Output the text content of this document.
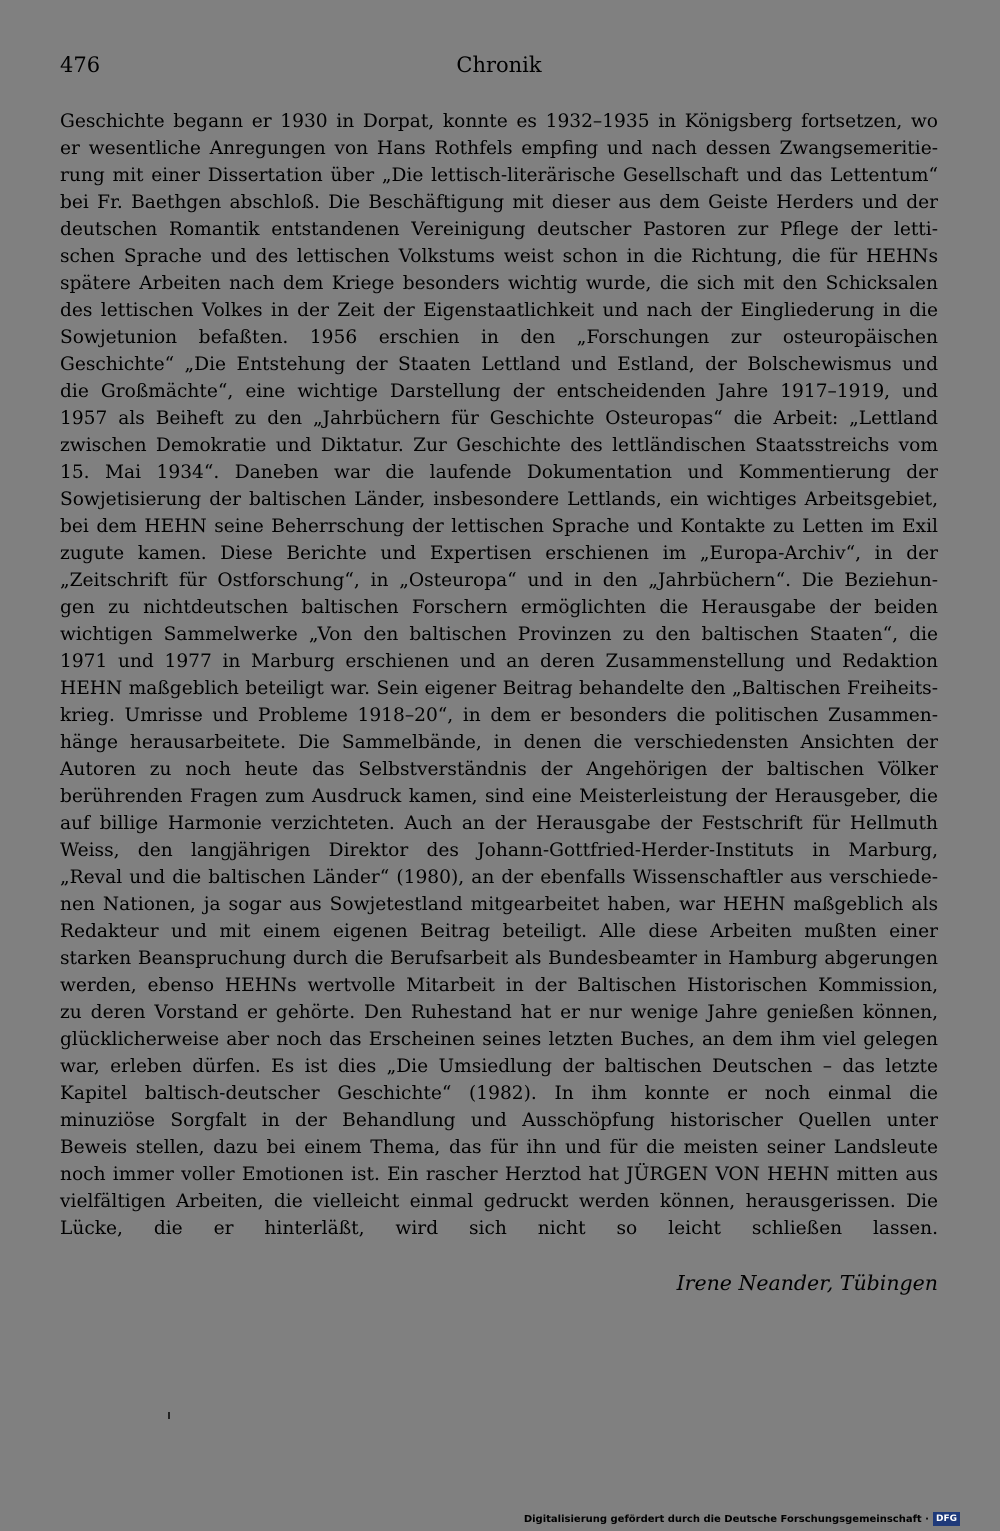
476	Chronik
Geschichte begann er 1930 in Dorpat, konnte es 1932–1935 in Königsberg fortsetzen, wo
er wesentliche Anregungen von Hans Rothfels empfing und nach dessen Zwangsemeritie-
rung mit einer Dissertation über „Die lettisch-literärische Gesellschaft und das Lettentum“
bei Fr. Baethgen abschloß. Die Beschäftigung mit dieser aus dem Geiste Herders und der
deutschen Romantik entstandenen Vereinigung deutscher Pastoren zur Pflege der letti-
schen Sprache und des lettischen Volkstums weist schon in die Richtung, die für HEHNs
spätere Arbeiten nach dem Kriege besonders wichtig wurde, die sich mit den Schicksalen
des lettischen Volkes in der Zeit der Eigenstaatlichkeit und nach der Eingliederung in die
Sowjetunion befaßten. 1956 erschien in den „Forschungen zur osteuropäischen
Geschichte“ „Die Entstehung der Staaten Lettland und Estland, der Bolschewismus und
die Großmächte“, eine wichtige Darstellung der entscheidenden Jahre 1917–1919, und
1957 als Beiheft zu den „Jahrbüchern für Geschichte Osteuropas“ die Arbeit: „Lettland
zwischen Demokratie und Diktatur. Zur Geschichte des lettländischen Staatsstreichs vom
15. Mai 1934“. Daneben war die laufende Dokumentation und Kommentierung der
Sowjetisierung der baltischen Länder, insbesondere Lettlands, ein wichtiges Arbeitsgebiet,
bei dem HEHN seine Beherrschung der lettischen Sprache und Kontakte zu Letten im Exil
zugute kamen. Diese Berichte und Expertisen erschienen im „Europa-Archiv“, in der
„Zeitschrift für Ostforschung“, in „Osteuropa“ und in den „Jahrbüchern“. Die Beziehun-
gen zu nichtdeutschen baltischen Forschern ermöglichten die Herausgabe der beiden
wichtigen Sammelwerke „Von den baltischen Provinzen zu den baltischen Staaten“, die
1971 und 1977 in Marburg erschienen und an deren Zusammenstellung und Redaktion
HEHN maßgeblich beteiligt war. Sein eigener Beitrag behandelte den „Baltischen Freiheits-
krieg. Umrisse und Probleme 1918–20“, in dem er besonders die politischen Zusammen-
hänge herausarbeitete. Die Sammelbände, in denen die verschiedensten Ansichten der
Autoren zu noch heute das Selbstverständnis der Angehörigen der baltischen Völker
berührenden Fragen zum Ausdruck kamen, sind eine Meisterleistung der Herausgeber, die
auf billige Harmonie verzichteten. Auch an der Herausgabe der Festschrift für Hellmuth
Weiss, den langjährigen Direktor des Johann-Gottfried-Herder-Instituts in Marburg,
„Reval und die baltischen Länder“ (1980), an der ebenfalls Wissenschaftler aus verschiede-
nen Nationen, ja sogar aus Sowjetestland mitgearbeitet haben, war HEHN maßgeblich als
Redakteur und mit einem eigenen Beitrag beteiligt. Alle diese Arbeiten mußten einer
starken Beanspruchung durch die Berufsarbeit als Bundesbeamter in Hamburg abgerungen
werden, ebenso HEHNs wertvolle Mitarbeit in der Baltischen Historischen Kommission,
zu deren Vorstand er gehörte. Den Ruhestand hat er nur wenige Jahre genießen können,
glücklicherweise aber noch das Erscheinen seines letzten Buches, an dem ihm viel gelegen
war, erleben dürfen. Es ist dies „Die Umsiedlung der baltischen Deutschen – das letzte
Kapitel baltisch-deutscher Geschichte“ (1982). In ihm konnte er noch einmal die
minuziöse Sorgfalt in der Behandlung und Ausschöpfung historischer Quellen unter
Beweis stellen, dazu bei einem Thema, das für ihn und für die meisten seiner Landsleute
noch immer voller Emotionen ist. Ein rascher Herztod hat JÜRGEN VON HEHN mitten aus
vielfältigen Arbeiten, die vielleicht einmal gedruckt werden können, herausgerissen. Die
Lücke, die er hinterläßt, wird sich nicht so leicht schließen lassen.
Irene Neander, Tübingen
Digitalisierung gefördert durch die Deutsche Forschungsgemeinschaft · DFG
